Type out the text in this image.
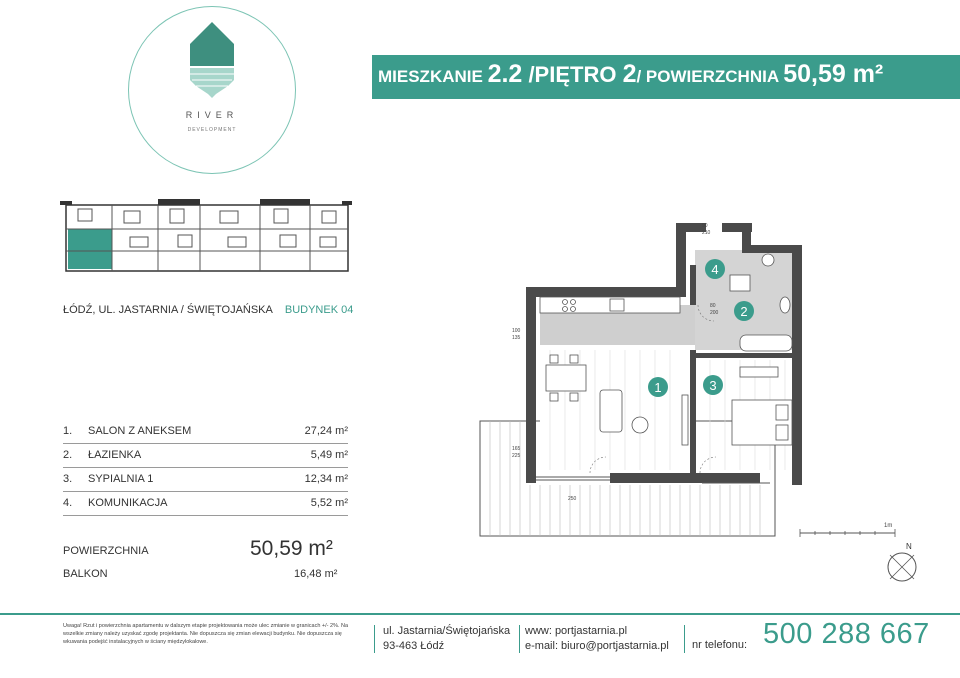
RIVER
DEVELOPMENT
MIESZKANIE 2.2 /PIĘTRO 2/ POWIERZCHNIA 50,59 m²
ŁÓDŹ, UL. JASTARNIA / ŚWIĘTOJAŃSKA BUDYNEK 04
1.	SALON Z ANEKSEM	27,24 m²
2.	ŁAZIENKA	5,49 m²
3.	SYPIALNIA 1	12,34 m²
4.	KOMUNIKACJA	5,52 m²
POWIERZCHNIA	50,59 m²
BALKON	16,48 m²
100
135
165
225
80
200
90
210
250
1
2
3
4
1m
N
Uwaga! Rzut i powierzchnia apartamentu w dalszym etapie projektowania może ulec zmianie w granicach +/- 2%. Na wszelkie zmiany należy uzyskać zgodę projektanta. Nie dopuszcza się zmian elewacji budynku. Nie dopuszcza się wkuwania podejść instalacyjnych w ściany międzylokalowe.
ul. Jastarnia/Świętojańska
93-463 Łódź
www: portjastarnia.pl
e-mail: biuro@portjastarnia.pl nr telefonu: 500 288 667
